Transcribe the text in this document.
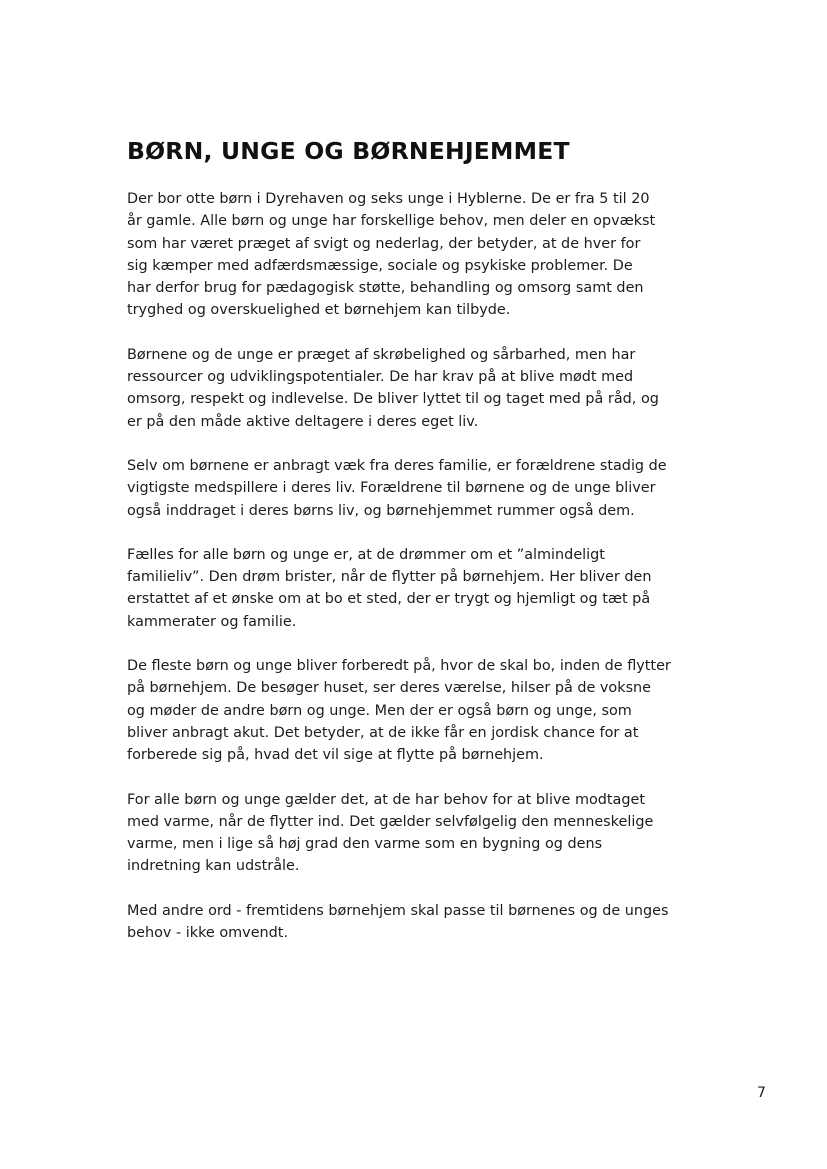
BØRN, UNGE OG BØRNEHJEMMET

Der bor otte børn i Dyrehaven og seks unge i Hyblerne. De er fra 5 til 20
år gamle. Alle børn og unge har forskellige behov, men deler en opvækst
som har været præget af svigt og nederlag, der betyder, at de hver for
sig kæmper med adfærdsmæssige, sociale og psykiske problemer. De
har derfor brug for pædagogisk støtte, behandling og omsorg samt den
tryghed og overskuelighed et børnehjem kan tilbyde.

Børnene og de unge er præget af skrøbelighed og sårbarhed, men har
ressourcer og udviklingspotentialer. De har krav på at blive mødt med
omsorg, respekt og indlevelse. De bliver lyttet til og taget med på råd, og
er på den måde aktive deltagere i deres eget liv.

Selv om børnene er anbragt væk fra deres familie, er forældrene stadig de
vigtigste medspillere i deres liv. Forældrene til børnene og de unge bliver
også inddraget i deres børns liv, og børnehjemmet rummer også dem.

Fælles for alle børn og unge er, at de drømmer om et ”almindeligt
familieliv”. Den drøm brister, når de flytter på børnehjem. Her bliver den
erstattet af et ønske om at bo et sted, der er trygt og hjemligt og tæt på
kammerater og familie.

De fleste børn og unge bliver forberedt på, hvor de skal bo, inden de flytter
på børnehjem. De besøger huset, ser deres værelse, hilser på de voksne
og møder de andre børn og unge. Men der er også børn og unge, som
bliver anbragt akut. Det betyder, at de ikke får en jordisk chance for at
forberede sig på, hvad det vil sige at flytte på børnehjem.

For alle børn og unge gælder det, at de har behov for at blive modtaget
med varme, når de flytter ind. Det gælder selvfølgelig den menneskelige
varme, men i lige så høj grad den varme som en bygning og dens
indretning kan udstråle.

Med andre ord - fremtidens børnehjem skal passe til børnenes og de unges
behov - ikke omvendt.

7
